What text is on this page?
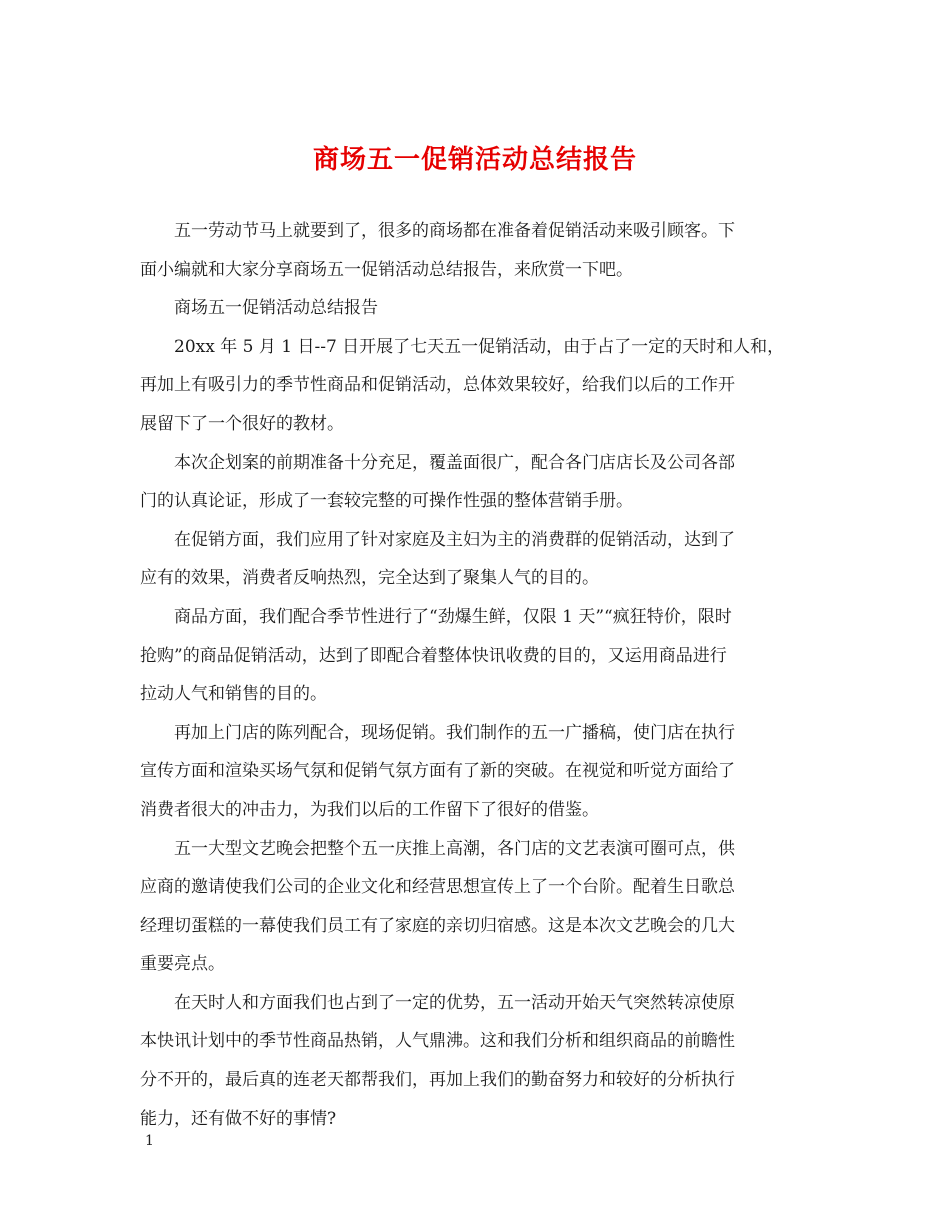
商场五一促销活动总结报告
五一劳动节马上就要到了，很多的商场都在准备着促销活动来吸引顾客。下
面小编就和大家分享商场五一促销活动总结报告，来欣赏一下吧。
商场五一促销活动总结报告
20xx 年 5 月 1 日--7 日开展了七天五一促销活动，由于占了一定的天时和人和，
再加上有吸引力的季节性商品和促销活动，总体效果较好，给我们以后的工作开
展留下了一个很好的教材。
本次企划案的前期准备十分充足，覆盖面很广，配合各门店店长及公司各部
门的认真论证，形成了一套较完整的可操作性强的整体营销手册。
在促销方面，我们应用了针对家庭及主妇为主的消费群的促销活动，达到了
应有的效果，消费者反响热烈，完全达到了聚集人气的目的。
商品方面，我们配合季节性进行了“劲爆生鲜，仅限 1 天”“疯狂特价，限时
抢购”的商品促销活动，达到了即配合着整体快讯收费的目的，又运用商品进行
拉动人气和销售的目的。
再加上门店的陈列配合，现场促销。我们制作的五一广播稿，使门店在执行
宣传方面和渲染买场气氛和促销气氛方面有了新的突破。在视觉和听觉方面给了
消费者很大的冲击力，为我们以后的工作留下了很好的借鉴。
五一大型文艺晚会把整个五一庆推上高潮，各门店的文艺表演可圈可点，供
应商的邀请使我们公司的企业文化和经营思想宣传上了一个台阶。配着生日歌总
经理切蛋糕的一幕使我们员工有了家庭的亲切归宿感。这是本次文艺晚会的几大
重要亮点。
在天时人和方面我们也占到了一定的优势，五一活动开始天气突然转凉使原
本快讯计划中的季节性商品热销，人气鼎沸。这和我们分析和组织商品的前瞻性
分不开的，最后真的连老天都帮我们，再加上我们的勤奋努力和较好的分析执行
能力，还有做不好的事情?
1
